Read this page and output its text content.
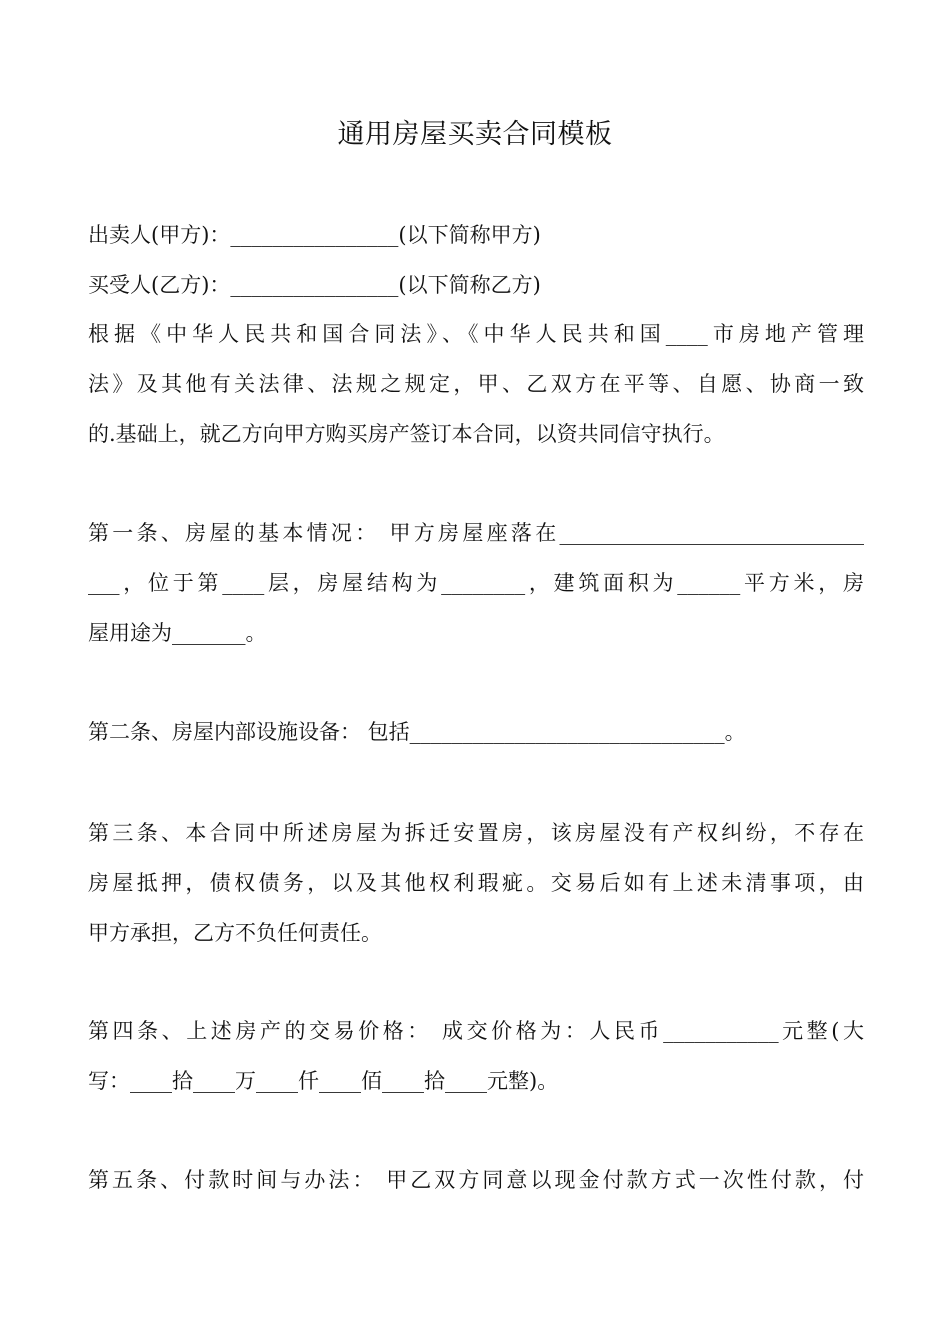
通用房屋买卖合同模板
出卖人(甲方)：________________(以下简称甲方)
买受人(乙方)：________________(以下简称乙方)
根据《中华人民共和国合同法》、《中华人民共和国____市房地产管理
法》及其他有关法律、法规之规定，甲、乙双方在平等、自愿、协商一致
的.基础上，就乙方向甲方购买房产签订本合同，以资共同信守执行。
第一条、房屋的基本情况： 甲方房屋座落在_____________________________
___，位于第____层，房屋结构为________，建筑面积为______平方米，房
屋用途为_______。
第二条、房屋内部设施设备： 包括______________________________。
第三条、本合同中所述房屋为拆迁安置房，该房屋没有产权纠纷，不存在
房屋抵押，债权债务，以及其他权利瑕疵。交易后如有上述未清事项，由
甲方承担，乙方不负任何责任。
第四条、上述房产的交易价格： 成交价格为：人民币___________元整(大
写：____拾____万____仟____佰____拾____元整)。
第五条、付款时间与办法： 甲乙双方同意以现金付款方式一次性付款，付
